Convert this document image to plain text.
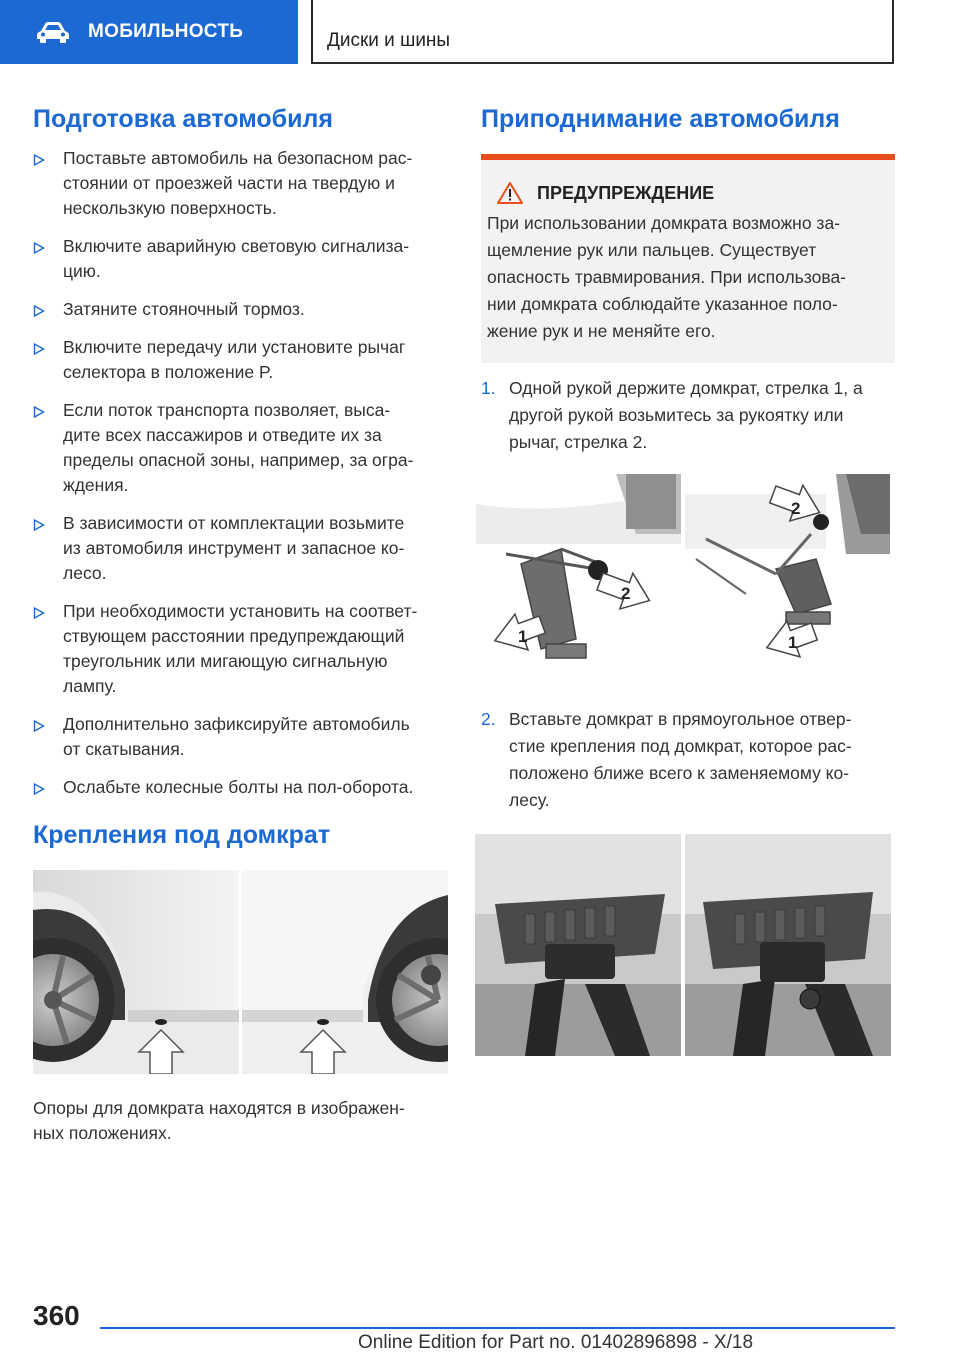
МОБИЛЬНОСТЬ	Диски и шины
Подготовка автомобиля
Поставьте автомобиль на безопасном рас-
стоянии от проезжей части на твердую и
нескользкую поверхность.
Включите аварийную световую сигнализа-
цию.
Затяните стояночный тормоз.
Включите передачу или установите рычаг
селектора в положение P.
Если поток транспорта позволяет, выса-
дите всех пассажиров и отведите их за
пределы опасной зоны, например, за огра-
ждения.
В зависимости от комплектации возьмите
из автомобиля инструмент и запасное ко-
лесо.
При необходимости установить на соответ-
ствующем расстоянии предупреждающий
треугольник или мигающую сигнальную
лампу.
Дополнительно зафиксируйте автомобиль
от скатывания.
Ослабьте колесные болты на пол-оборота.
Крепления под домкрат
Опоры для домкрата находятся в изображен-
ных положениях.
Приподнимание автомобиля
ПРЕДУПРЕЖДЕНИЕ
При использовании домкрата возможно за-
щемление рук или пальцев. Существует
опасность травмирования. При использова-
нии домкрата соблюдайте указанное поло-
жение рук и не меняйте его.
1. Одной рукой держите домкрат, стрелка 1, а
другой рукой возьмитесь за рукоятку или
рычаг, стрелка 2.
1
2
2
1
2. Вставьте домкрат в прямоугольное отвер-
стие крепления под домкрат, которое рас-
положено ближе всего к заменяемому ко-
лесу.
360
Online Edition for Part no. 01402896898 - X/18
